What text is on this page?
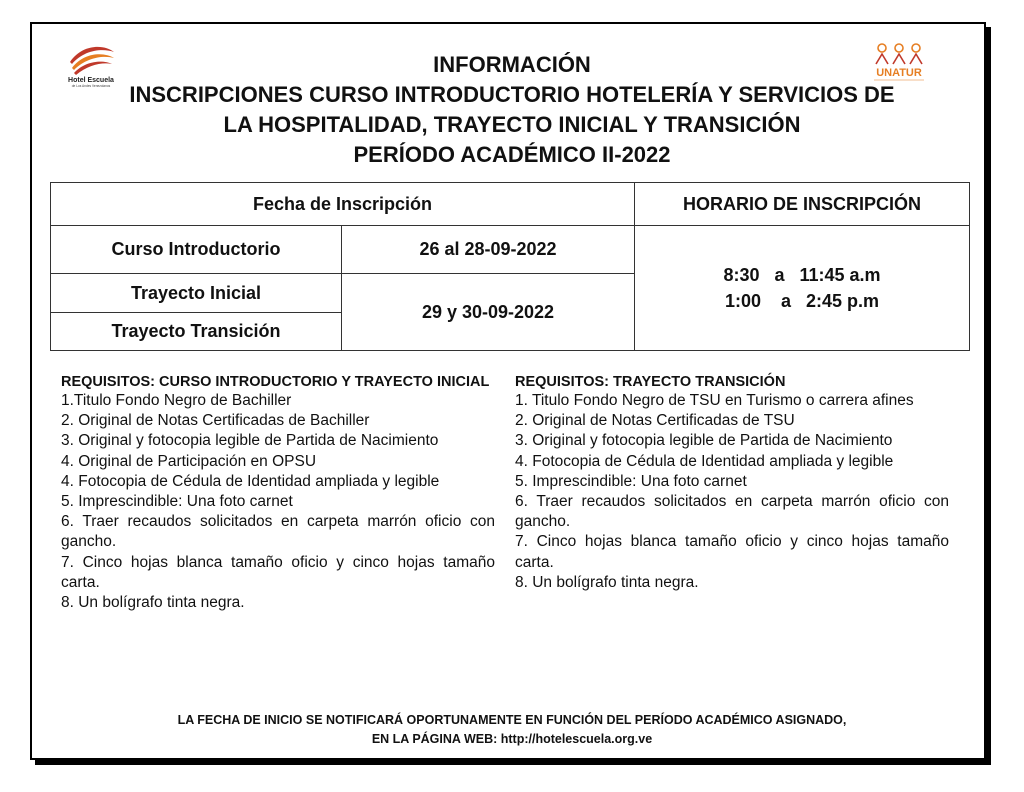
Hotel Escuela
de Los Andes Venezolanos
UNATUR
INFORMACIÓN
INSCRIPCIONES CURSO INTRODUCTORIO HOTELERÍA Y SERVICIOS DE
LA HOSPITALIDAD, TRAYECTO INICIAL Y TRANSICIÓN
PERÍODO ACADÉMICO II-2022
Fecha de Inscripción		HORARIO DE INSCRIPCIÓN
Curso Introductorio	26 al 28-09-2022	8:30   a   11:45 a.m
1:00    a   2:45 p.m

Trayecto Inicial	29 y 30-09-2022	
Trayecto Transición		
REQUISITOS: CURSO INTRODUCTORIO Y TRAYECTO INICIAL

1.Titulo Fondo Negro de Bachiller

2. Original de Notas Certificadas de Bachiller

3. Original y fotocopia legible de Partida de Nacimiento

4. Original de Participación en OPSU

4. Fotocopia de Cédula de Identidad ampliada y legible

5. Imprescindible: Una foto carnet

6. Traer recaudos solicitados en carpeta marrón oficio con gancho.

7. Cinco hojas blanca tamaño oficio y cinco hojas tamaño carta.

8. Un bolígrafo tinta negra.

REQUISITOS: TRAYECTO TRANSICIÓN

1. Titulo Fondo Negro de TSU en Turismo o carrera afines

2. Original de Notas Certificadas de TSU

3. Original y fotocopia legible de Partida de Nacimiento

4. Fotocopia de Cédula de Identidad ampliada y legible

5. Imprescindible: Una foto carnet

6. Traer recaudos solicitados en carpeta marrón oficio con gancho.

7. Cinco hojas blanca tamaño oficio y cinco hojas tamaño carta.

8. Un bolígrafo tinta negra.

LA FECHA DE INICIO SE NOTIFICARÁ OPORTUNAMENTE EN FUNCIÓN DEL PERÍODO ACADÉMICO ASIGNADO,
EN LA PÁGINA WEB: http://hotelescuela.org.ve
